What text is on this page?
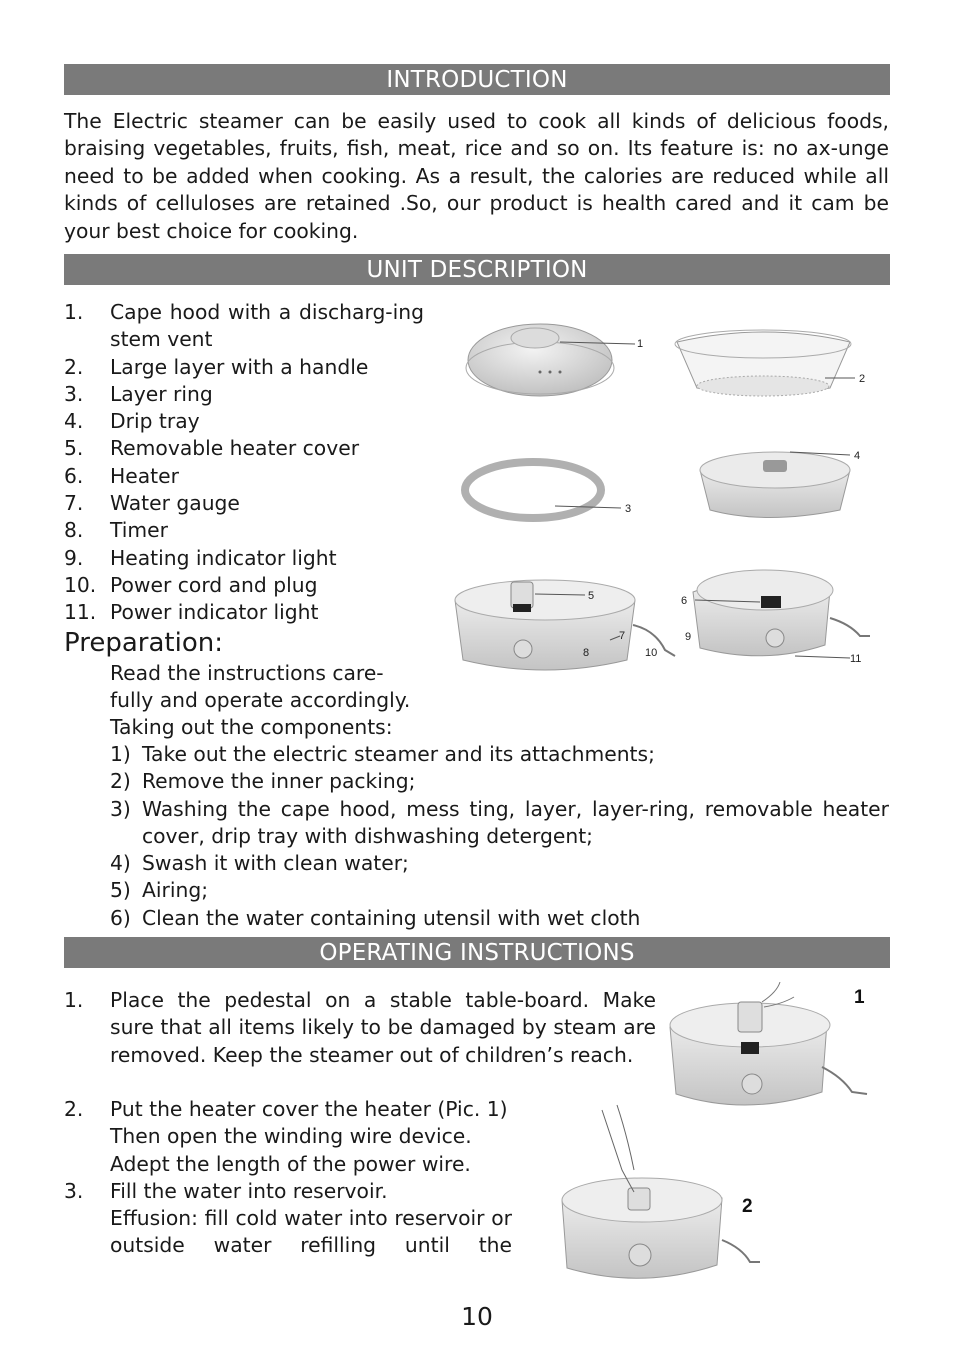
INTRODUCTION
The Electric steamer can be easily used to cook all kinds of delicious foods, braising vegetables, fruits, fish, meat, rice and so on. Its feature is: no ax-unge need to be added when cooking. As a result, the calories are reduced while all kinds of celluloses are retained .So, our product is health cared and it cam be your best choice for cooking.
UNIT DESCRIPTION
1. Cape hood with a discharg-ing stem vent
2. Large layer with a handle
3. Layer ring
4. Drip tray
5. Removable heater cover
6. Heater
7. Water gauge
8. Timer
9. Heating indicator light
10. Power cord and plug
11. Power indicator light
1
2
3
4
5
7
8	10
6
9
11
Preparation:
Read the instructions care-
fully and operate accordingly.
Taking out the components:
1) Take out the electric steamer and its attachments;
2) Remove the inner packing;
3) Washing the cape hood, mess ting, layer, layer-ring, removable heater cover, drip tray with dishwashing detergent;
4) Swash it with clean water;
5) Airing;
6) Clean the water containing utensil with wet cloth
OPERATING INSTRUCTIONS
1. Place the pedestal on a stable table-board. Make sure that all items likely to be damaged by steam are removed. Keep the steamer out of children’s reach.
2. Put the heater cover the heater (Pic. 1)
Then open the winding wire device.
Adept the length of the power wire.
3. Fill the water into reservoir.
Effusion: fill cold water into reservoir or outside water refilling until the
1
2
10
